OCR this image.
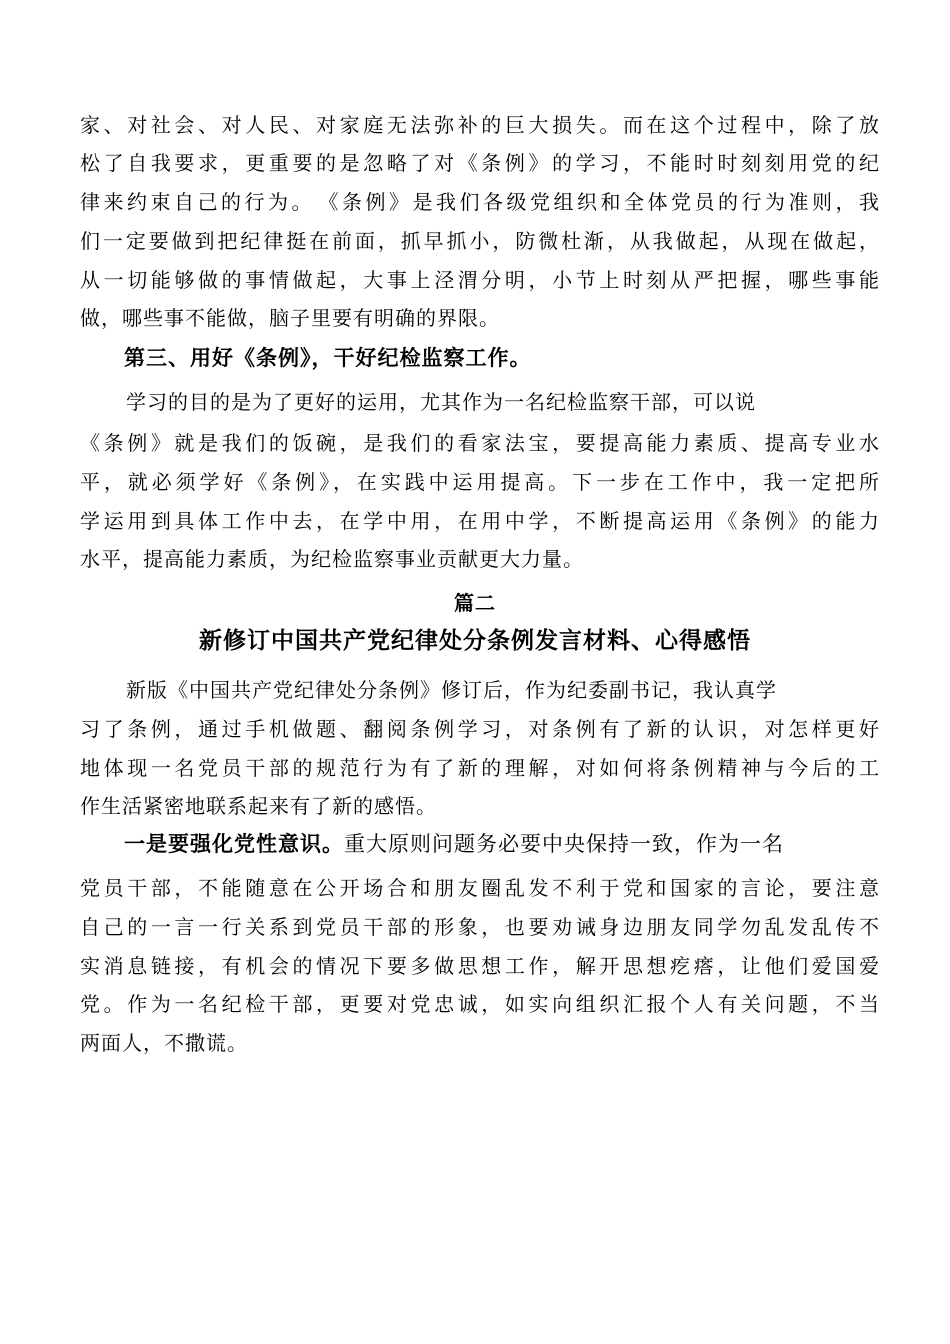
家、对社会、对人民、对家庭无法弥补的巨大损失。而在这个过程中，除了放
松了自我要求，更重要的是忽略了对《条例》的学习，不能时时刻刻用党的纪
律来约束自己的行为。　《条例》是我们各级党组织和全体党员的行为准则，我
们一定要做到把纪律挺在前面，抓早抓小，防微杜渐，从我做起，从现在做起，
从一切能够做的事情做起，大事上泾渭分明，小节上时刻从严把握，哪些事能
做，哪些事不能做，脑子里要有明确的界限。
第三、用好《条例》，干好纪检监察工作。
学习的目的是为了更好的运用，尤其作为一名纪检监察干部，可以说
《条例》就是我们的饭碗，是我们的看家法宝，要提高能力素质、提高专业水
平，就必须学好《条例》，在实践中运用提高。下一步在工作中，我一定把所
学运用到具体工作中去，在学中用，在用中学，不断提高运用《条例》的能力
水平，提高能力素质，为纪检监察事业贡献更大力量。
篇二
新修订中国共产党纪律处分条例发言材料、心得感悟
新版《中国共产党纪律处分条例》修订后，作为纪委副书记，我认真学
习了条例，通过手机做题、翻阅条例学习，对条例有了新的认识，对怎样更好
地体现一名党员干部的规范行为有了新的理解，对如何将条例精神与今后的工
作生活紧密地联系起来有了新的感悟。
一是要强化党性意识。重大原则问题务必要中央保持一致，作为一名
党员干部，不能随意在公开场合和朋友圈乱发不利于党和国家的言论，要注意
自己的一言一行关系到党员干部的形象，也要劝诫身边朋友同学勿乱发乱传不
实消息链接，有机会的情况下要多做思想工作，解开思想疙瘩，让他们爱国爱
党。作为一名纪检干部，更要对党忠诚，如实向组织汇报个人有关问题，不当
两面人，不撒谎。
